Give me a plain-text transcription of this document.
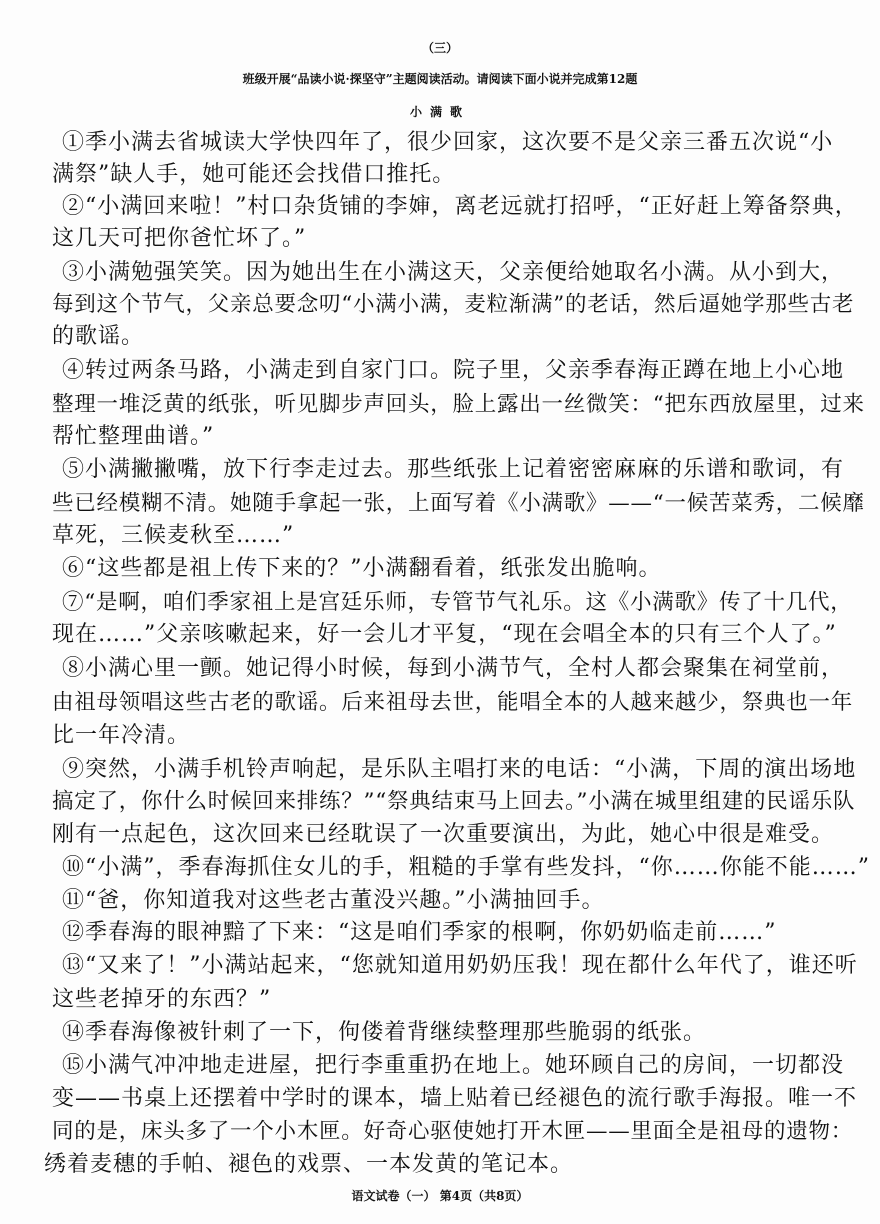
（三）
班级开展“品读小说·探坚守”主题阅读活动。请阅读下面小说并完成第12题
小满歌
①季小满去省城读大学快四年了，很少回家，这次要不是父亲三番五次说“小
满祭”缺人手，她可能还会找借口推托。
②“小满回来啦！”村口杂货铺的李婶，离老远就打招呼，“正好赶上筹备祭典，
这几天可把你爸忙坏了。”
③小满勉强笑笑。因为她出生在小满这天，父亲便给她取名小满。从小到大，
每到这个节气，父亲总要念叨“小满小满，麦粒渐满”的老话，然后逼她学那些古老
的歌谣。
④转过两条马路，小满走到自家门口。院子里，父亲季春海正蹲在地上小心地
整理一堆泛黄的纸张，听见脚步声回头，脸上露出一丝微笑：“把东西放屋里，过来
帮忙整理曲谱。”
⑤小满撇撇嘴，放下行李走过去。那些纸张上记着密密麻麻的乐谱和歌词，有
些已经模糊不清。她随手拿起一张，上面写着《小满歌》——“一候苦菜秀，二候靡
草死，三候麦秋至……”
⑥“这些都是祖上传下来的？”小满翻看着，纸张发出脆响。
⑦“是啊，咱们季家祖上是宫廷乐师，专管节气礼乐。这《小满歌》传了十几代，
现在……”父亲咳嗽起来，好一会儿才平复，“现在会唱全本的只有三个人了。”
⑧小满心里一颤。她记得小时候，每到小满节气，全村人都会聚集在祠堂前，
由祖母领唱这些古老的歌谣。后来祖母去世，能唱全本的人越来越少，祭典也一年
比一年冷清。
⑨突然，小满手机铃声响起，是乐队主唱打来的电话：“小满，下周的演出场地
搞定了，你什么时候回来排练？”“祭典结束马上回去。”小满在城里组建的民谣乐队
刚有一点起色，这次回来已经耽误了一次重要演出，为此，她心中很是难受。
⑩“小满”，季春海抓住女儿的手，粗糙的手掌有些发抖，“你……你能不能……”
⑪“爸，你知道我对这些老古董没兴趣。”小满抽回手。
⑫季春海的眼神黯了下来：“这是咱们季家的根啊，你奶奶临走前……”
⑬“又来了！”小满站起来，“您就知道用奶奶压我！现在都什么年代了，谁还听
这些老掉牙的东西？”
⑭季春海像被针刺了一下，佝偻着背继续整理那些脆弱的纸张。
⑮小满气冲冲地走进屋，把行李重重扔在地上。她环顾自己的房间，一切都没
变——书桌上还摆着中学时的课本，墙上贴着已经褪色的流行歌手海报。唯一不
同的是，床头多了一个小木匣。好奇心驱使她打开木匣——里面全是祖母的遗物：
绣着麦穗的手帕、褪色的戏票、一本发黄的笔记本。
语文试卷（一） 第4页（共8页）
